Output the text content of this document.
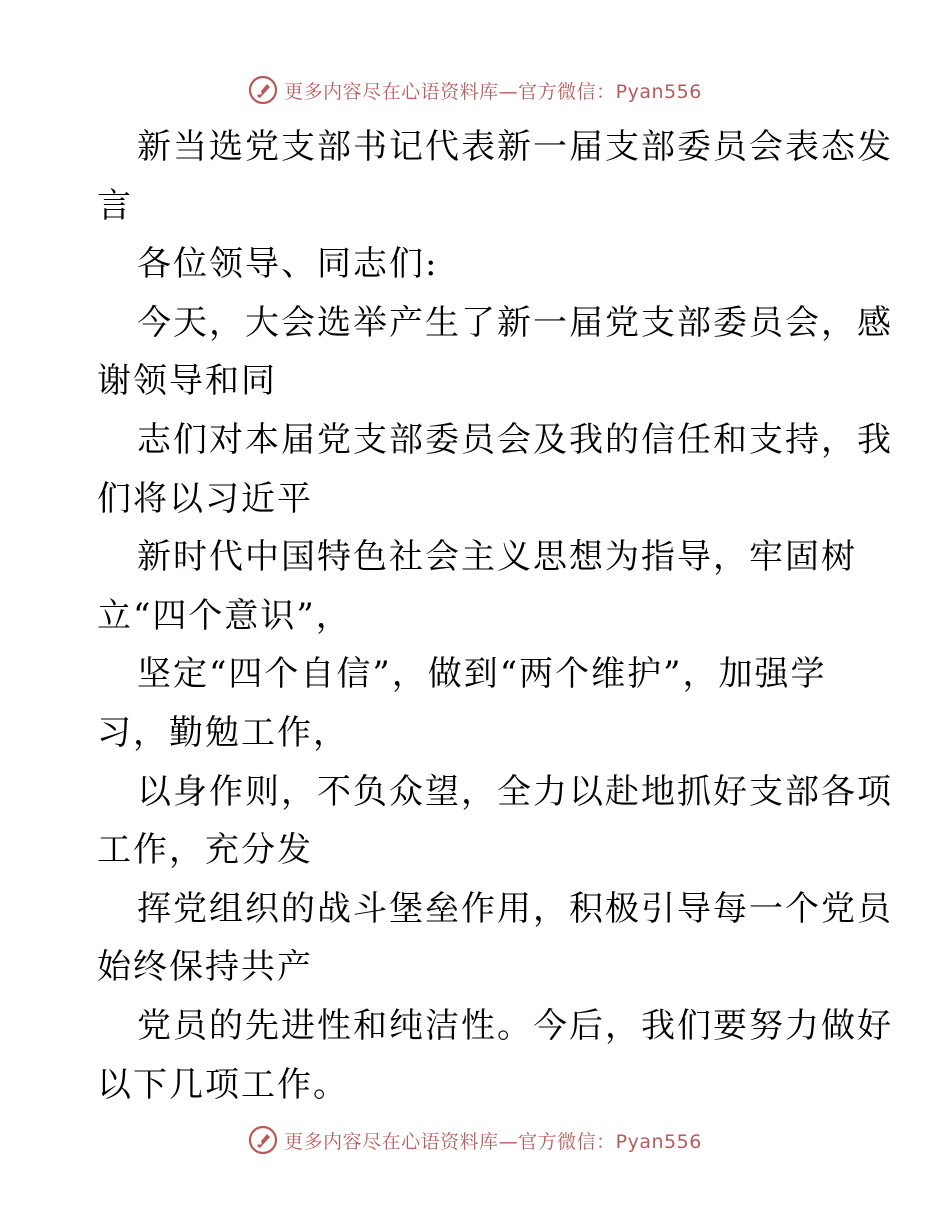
更多内容尽在心语资料库—官方微信：Pyan556
新当选党支部书记代表新一届支部委员会表态发
言
各位领导、同志们:
今天，大会选举产生了新一届党支部委员会，感
谢领导和同
志们对本届党支部委员会及我的信任和支持，我
们将以习近平
新时代中国特色社会主义思想为指导，牢固树
立“四个意识”，
坚定“四个自信”，做到“两个维护”，加强学
习，勤勉工作，
以身作则，不负众望，全力以赴地抓好支部各项
工作，充分发
挥党组织的战斗堡垒作用，积极引导每一个党员
始终保持共产
党员的先进性和纯洁性。今后，我们要努力做好
以下几项工作。
更多内容尽在心语资料库—官方微信：Pyan556
